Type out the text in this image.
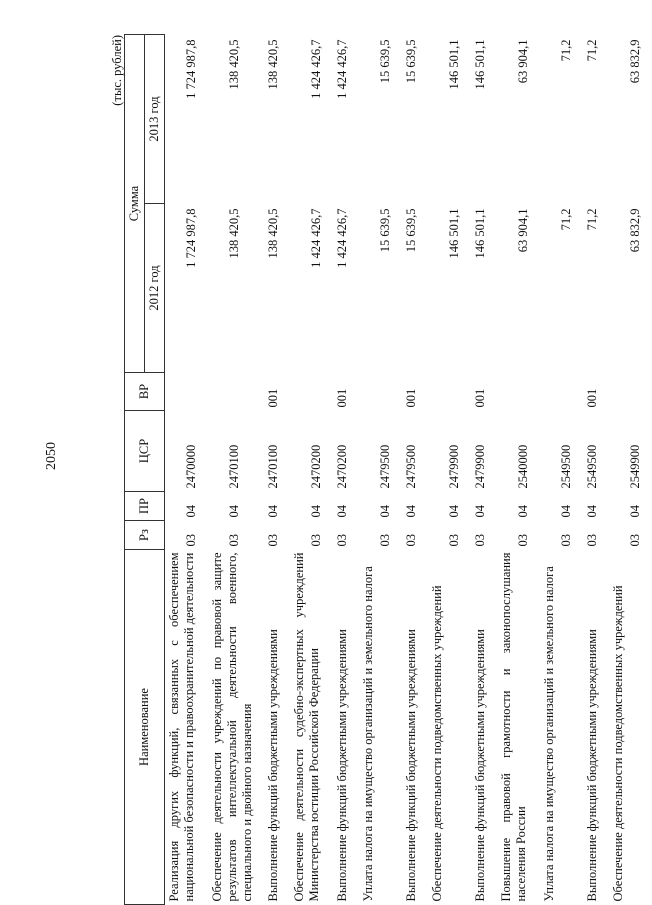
2050
(тыс. рублей)
Наименование	Рз	ПР	ЦСР	ВР	Сумма	
					2012 год	2013 год
Реализация других функций, связанных с обеспечением национальной безопасности и правоохранительной деятельности	03	04	2470000		1 724 987,8	1 724 987,8
Обеспечение деятельности учреждений по правовой защите результатов интеллектуальной деятельности военного, специального и двойного назначения	03	04	2470100		138 420,5	138 420,5
Выполнение функций бюджетными учреждениями	03	04	2470100	001	138 420,5	138 420,5
Обеспечение деятельности судебно-экспертных учреждений Министерства юстиции Российской Федерации	03	04	2470200		1 424 426,7	1 424 426,7
Выполнение функций бюджетными учреждениями	03	04	2470200	001	1 424 426,7	1 424 426,7
Уплата налога на имущество организаций и земельного налога	03	04	2479500		15 639,5	15 639,5
Выполнение функций бюджетными учреждениями	03	04	2479500	001	15 639,5	15 639,5
Обеспечение деятельности подведомственных учреждений	03	04	2479900		146 501,1	146 501,1
Выполнение функций бюджетными учреждениями	03	04	2479900	001	146 501,1	146 501,1
Повышение правовой грамотности и законопослушания населения России	03	04	2540000		63 904,1	63 904,1
Уплата налога на имущество организаций и земельного налога	03	04	2549500		71,2	71,2
Выполнение функций бюджетными учреждениями	03	04	2549500	001	71,2	71,2
Обеспечение деятельности подведомственных учреждений	03	04	2549900		63 832,9	63 832,9
